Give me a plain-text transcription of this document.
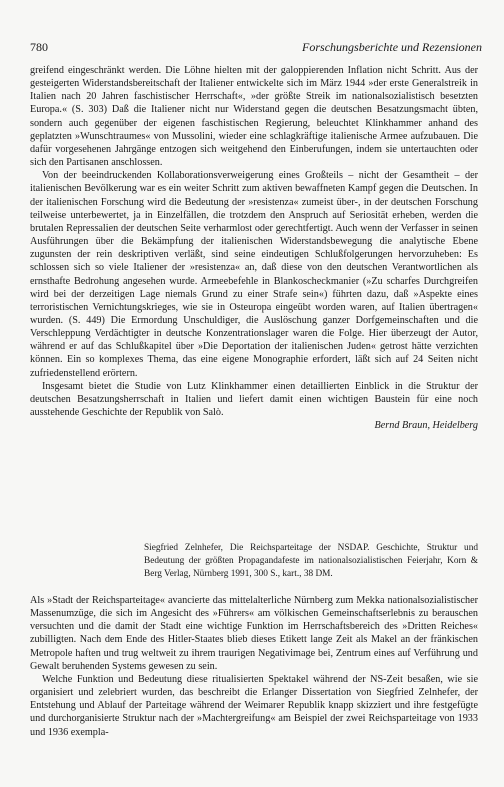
780	Forschungsberichte und Rezensionen

greifend eingeschränkt werden. Die Löhne hielten mit der galoppierenden Inflation nicht Schritt. Aus der gesteigerten Widerstandsbereitschaft der Italiener entwickelte sich im März 1944 »der erste Generalstreik in Italien nach 20 Jahren faschistischer Herrschaft«, »der größte Streik im nationalsozialistisch besetzten Europa.« (S. 303) Daß die Italiener nicht nur Widerstand gegen die deutschen Besatzungsmacht übten, sondern auch gegenüber der eigenen faschistischen Regierung, beleuchtet Klinkhammer anhand des geplatzten »Wunschtraumes« von Mussolini, wieder eine schlagkräftige italienische Armee aufzubauen. Die dafür vorgesehenen Jahrgänge entzogen sich weitgehend den Einberufungen, indem sie untertauchten oder sich den Partisanen anschlossen.

Von der beeindruckenden Kollaborationsverweigerung eines Großteils – nicht der Gesamtheit – der italienischen Bevölkerung war es ein weiter Schritt zum aktiven bewaffneten Kampf gegen die Deutschen. In der italienischen Forschung wird die Bedeutung der »resistenza« zumeist über-, in der deutschen Forschung teilweise unterbewertet, ja in Einzelfällen, die trotzdem den Anspruch auf Seriosität erheben, werden die brutalen Repressalien der deutschen Seite verharmlost oder gerechtfertigt. Auch wenn der Verfasser in seinen Ausführungen über die Bekämpfung der italienischen Widerstandsbewegung die analytische Ebene zugunsten der rein deskriptiven verläßt, sind seine eindeutigen Schlußfolgerungen hervorzuheben: Es schlossen sich so viele Italiener der »resistenza« an, daß diese von den deutschen Verantwortlichen als ernsthafte Bedrohung angesehen wurde. Armeebefehle in Blankoscheckmanier (»Zu scharfes Durchgreifen wird bei der derzeitigen Lage niemals Grund zu einer Strafe sein«) führten dazu, daß »Aspekte eines terroristischen Vernichtungskrieges, wie sie in Osteuropa eingeübt worden waren, auf Italien übertragen« wurden. (S. 449) Die Ermordung Unschuldiger, die Auslöschung ganzer Dorfgemeinschaften und die Verschleppung Verdächtigter in deutsche Konzentrationslager waren die Folge. Hier überzeugt der Autor, während er auf das Schlußkapitel über »Die Deportation der italienischen Juden« getrost hätte verzichten können. Ein so komplexes Thema, das eine eigene Monographie erfordert, läßt sich auf 24 Seiten nicht zufriedenstellend erörtern.

Insgesamt bietet die Studie von Lutz Klinkhammer einen detaillierten Einblick in die Struktur der deutschen Besatzungsherrschaft in Italien und liefert damit einen wichtigen Baustein für eine noch ausstehende Geschichte der Republik von Salò.

Bernd Braun, Heidelberg
Siegfried Zelnhefer, Die Reichsparteitage der NSDAP. Geschichte, Struktur und Bedeutung der größten Propagandafeste im nationalsozialistischen Feierjahr, Korn & Berg Verlag, Nürnberg 1991, 300 S., kart., 38 DM.

Als »Stadt der Reichsparteitage« avancierte das mittelalterliche Nürnberg zum Mekka nationalsozialistischer Massenumzüge, die sich im Angesicht des »Führers« am völkischen Gemeinschaftserlebnis zu berauschen versuchten und die damit der Stadt eine wichtige Funktion im Herrschaftsbereich des »Dritten Reiches« zubilligten. Nach dem Ende des Hitler-Staates blieb dieses Etikett lange Zeit als Makel an der fränkischen Metropole haften und trug weltweit zu ihrem traurigen Negativimage bei, Zentrum eines auf Verführung und Gewalt beruhenden Systems gewesen zu sein.

Welche Funktion und Bedeutung diese ritualisierten Spektakel während der NS-Zeit besaßen, wie sie organisiert und zelebriert wurden, das beschreibt die Erlanger Dissertation von Siegfried Zelnhefer, der Entstehung und Ablauf der Parteitage während der Weimarer Republik knapp skizziert und ihre festgefügte und durchorganisierte Struktur nach der »Machtergreifung« am Beispiel der zwei Reichsparteitage von 1933 und 1936 exempla-
